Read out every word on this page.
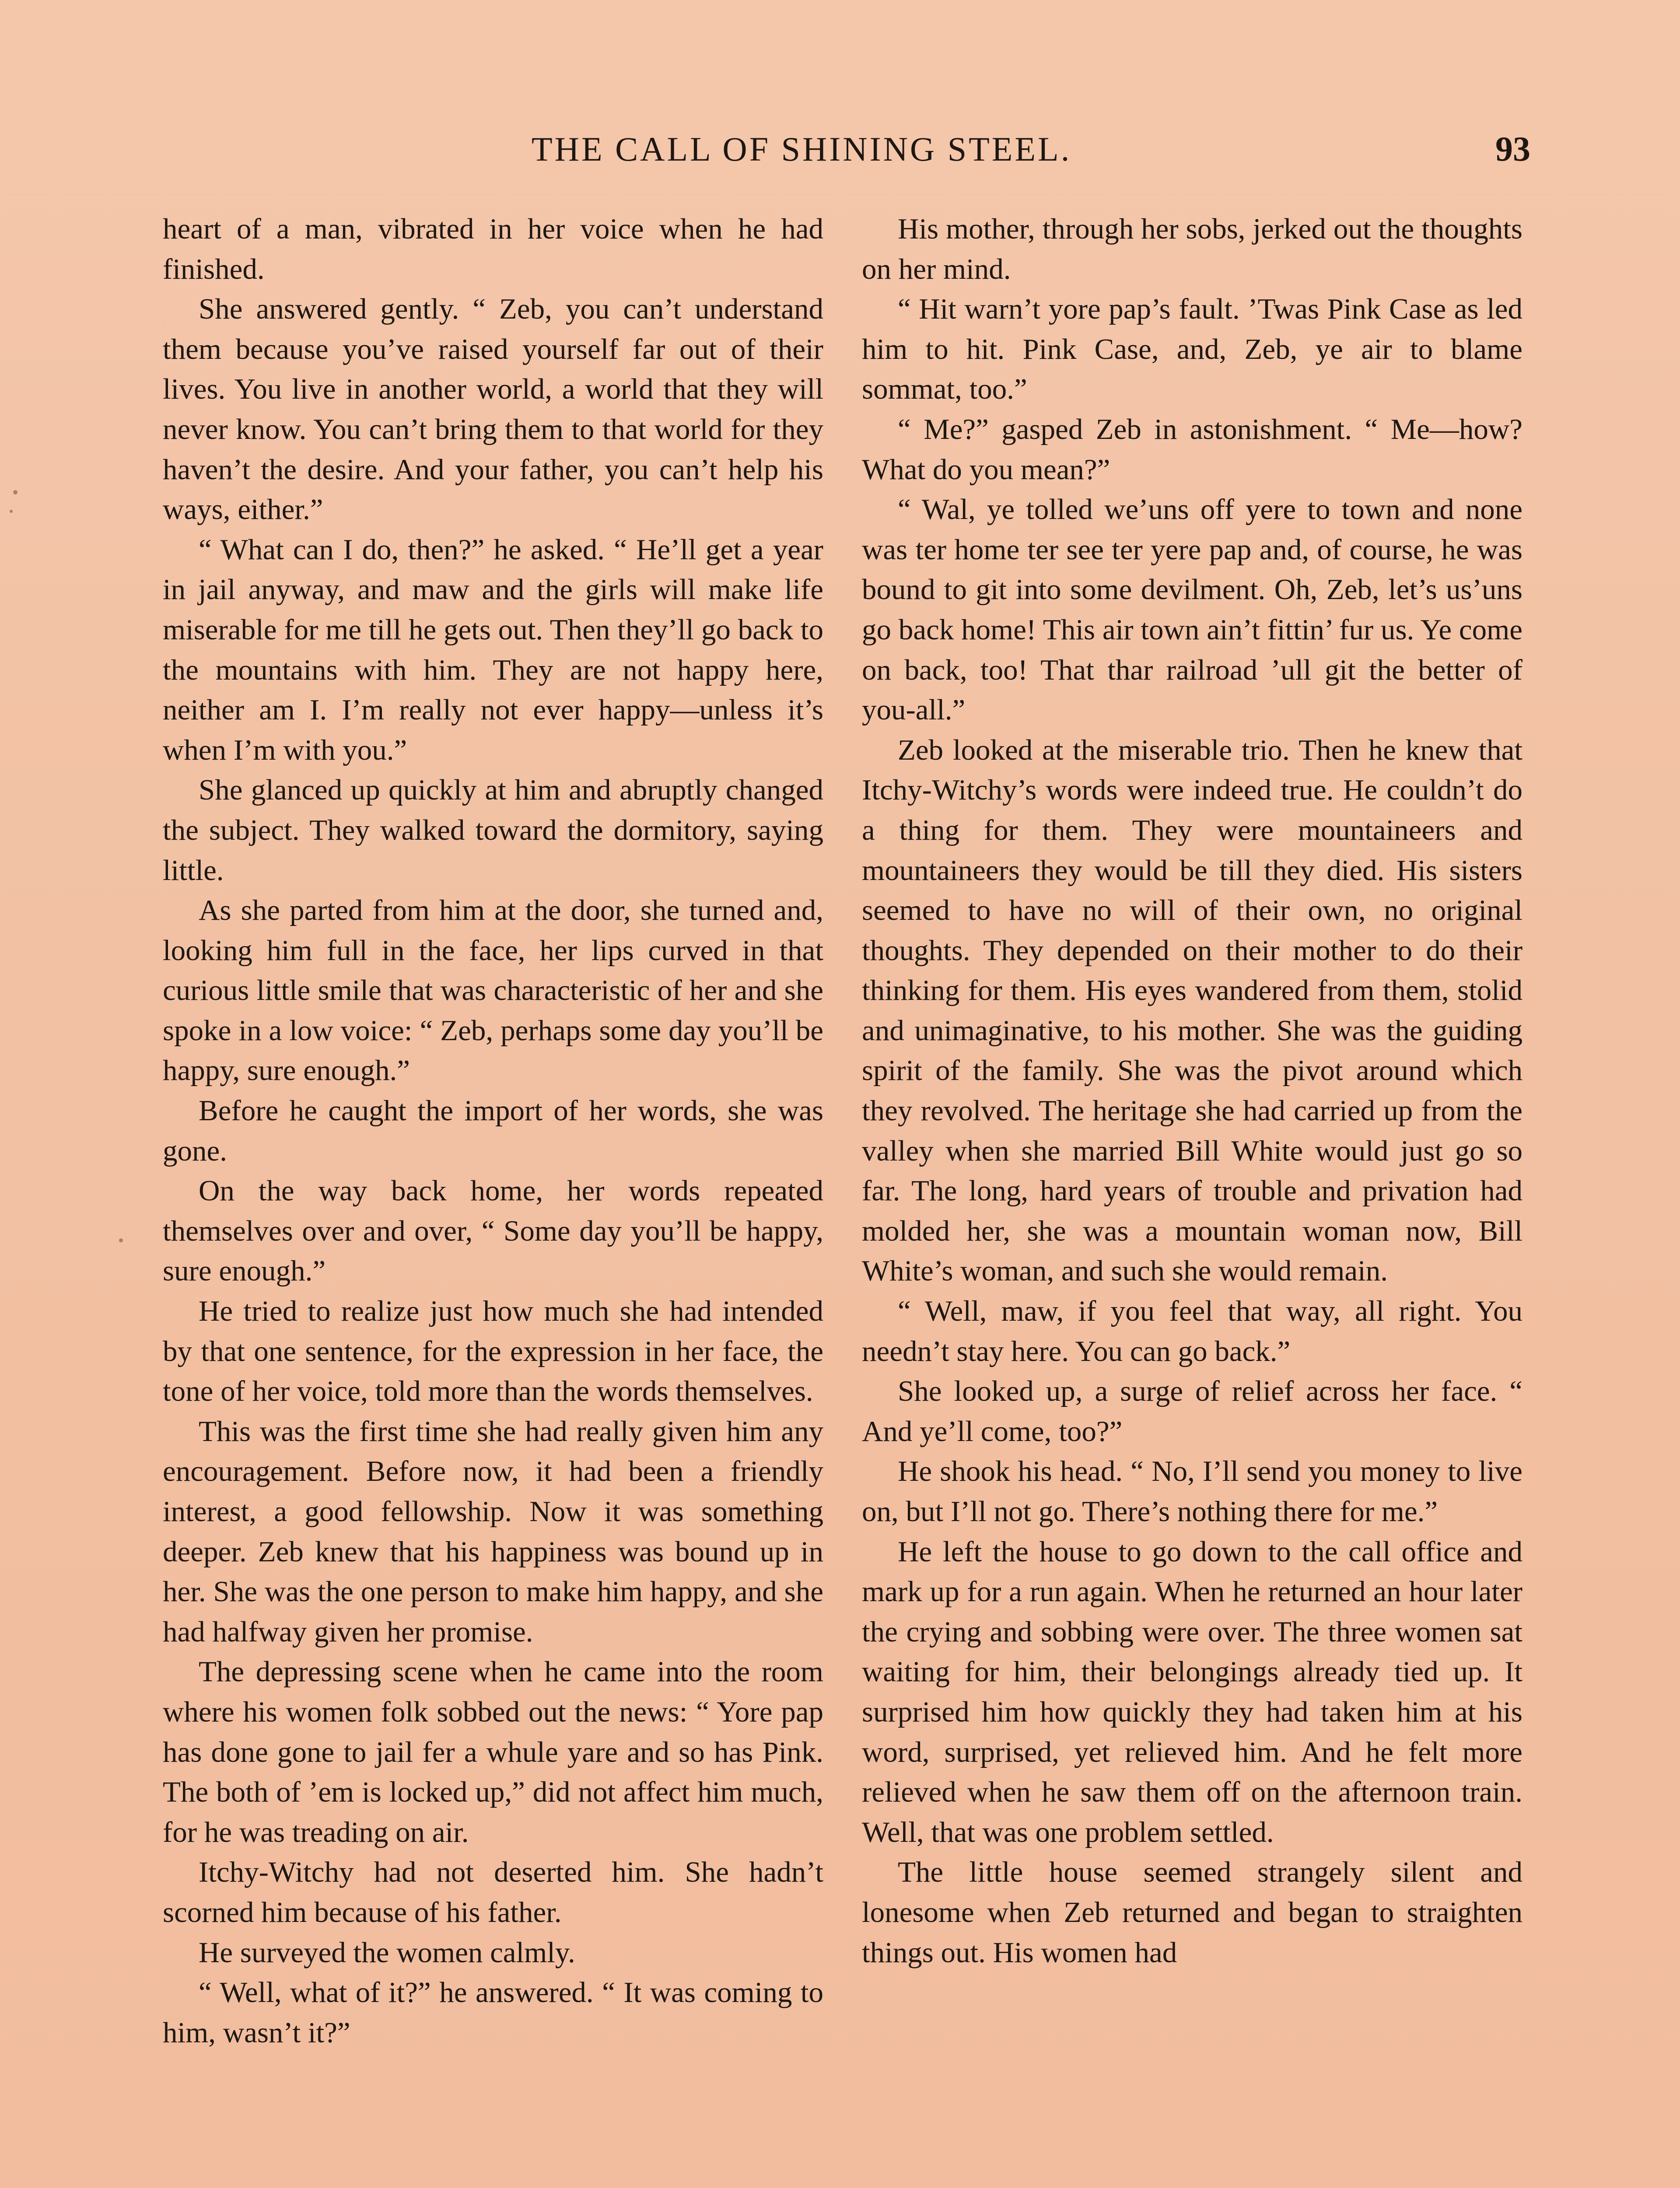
THE CALL OF SHINING STEEL.	93

heart of a man, vibrated in her voice when he had finished.

She answered gently. “ Zeb, you can’t understand them because you’ve raised yourself far out of their lives. You live in another world, a world that they will never know. You can’t bring them to that world for they haven’t the desire. And your father, you can’t help his ways, either.”

“ What can I do, then?” he asked. “ He’ll get a year in jail anyway, and maw and the girls will make life miserable for me till he gets out. Then they’ll go back to the mountains with him. They are not happy here, neither am I. I’m really not ever happy—unless it’s when I’m with you.”

She glanced up quickly at him and abruptly changed the subject. They walked toward the dormitory, saying little.

As she parted from him at the door, she turned and, looking him full in the face, her lips curved in that curious little smile that was characteristic of her and she spoke in a low voice: “ Zeb, perhaps some day you’ll be happy, sure enough.”

Before he caught the import of her words, she was gone.

On the way back home, her words repeated themselves over and over, “ Some day you’ll be happy, sure enough.”

He tried to realize just how much she had intended by that one sentence, for the expression in her face, the tone of her voice, told more than the words themselves.

This was the first time she had really given him any encouragement. Before now, it had been a friendly interest, a good fellowship. Now it was something deeper. Zeb knew that his happiness was bound up in her. She was the one person to make him happy, and she had halfway given her promise.

The depressing scene when he came into the room where his women folk sobbed out the news: “ Yore pap has done gone to jail fer a whule yare and so has Pink. The both of ’em is locked up,” did not affect him much, for he was treading on air.

Itchy-Witchy had not deserted him. She hadn’t scorned him because of his father.

He surveyed the women calmly.

“ Well, what of it?” he answered. “ It was coming to him, wasn’t it?”

His mother, through her sobs, jerked out the thoughts on her mind.

“ Hit warn’t yore pap’s fault. ’Twas Pink Case as led him to hit. Pink Case, and, Zeb, ye air to blame sommat, too.”

“ Me?” gasped Zeb in astonishment. “ Me—how? What do you mean?”

“ Wal, ye tolled we’uns off yere to town and none was ter home ter see ter yere pap and, of course, he was bound to git into some devilment. Oh, Zeb, let’s us’uns go back home! This air town ain’t fittin’ fur us. Ye come on back, too! That thar railroad ’ull git the better of you-all.”

Zeb looked at the miserable trio. Then he knew that Itchy-Witchy’s words were indeed true. He couldn’t do a thing for them. They were mountaineers and mountaineers they would be till they died. His sisters seemed to have no will of their own, no original thoughts. They depended on their mother to do their thinking for them. His eyes wandered from them, stolid and unimaginative, to his mother. She was the guiding spirit of the family. She was the pivot around which they revolved. The heritage she had carried up from the valley when she married Bill White would just go so far. The long, hard years of trouble and privation had molded her, she was a mountain woman now, Bill White’s woman, and such she would remain.

“ Well, maw, if you feel that way, all right. You needn’t stay here. You can go back.”

She looked up, a surge of relief across her face. “ And ye’ll come, too?”

He shook his head. “ No, I’ll send you money to live on, but I’ll not go. There’s nothing there for me.”

He left the house to go down to the call office and mark up for a run again. When he returned an hour later the crying and sobbing were over. The three women sat waiting for him, their belongings already tied up. It surprised him how quickly they had taken him at his word, surprised, yet relieved him. And he felt more relieved when he saw them off on the afternoon train. Well, that was one problem settled.

The little house seemed strangely silent and lonesome when Zeb returned and began to straighten things out. His women had
